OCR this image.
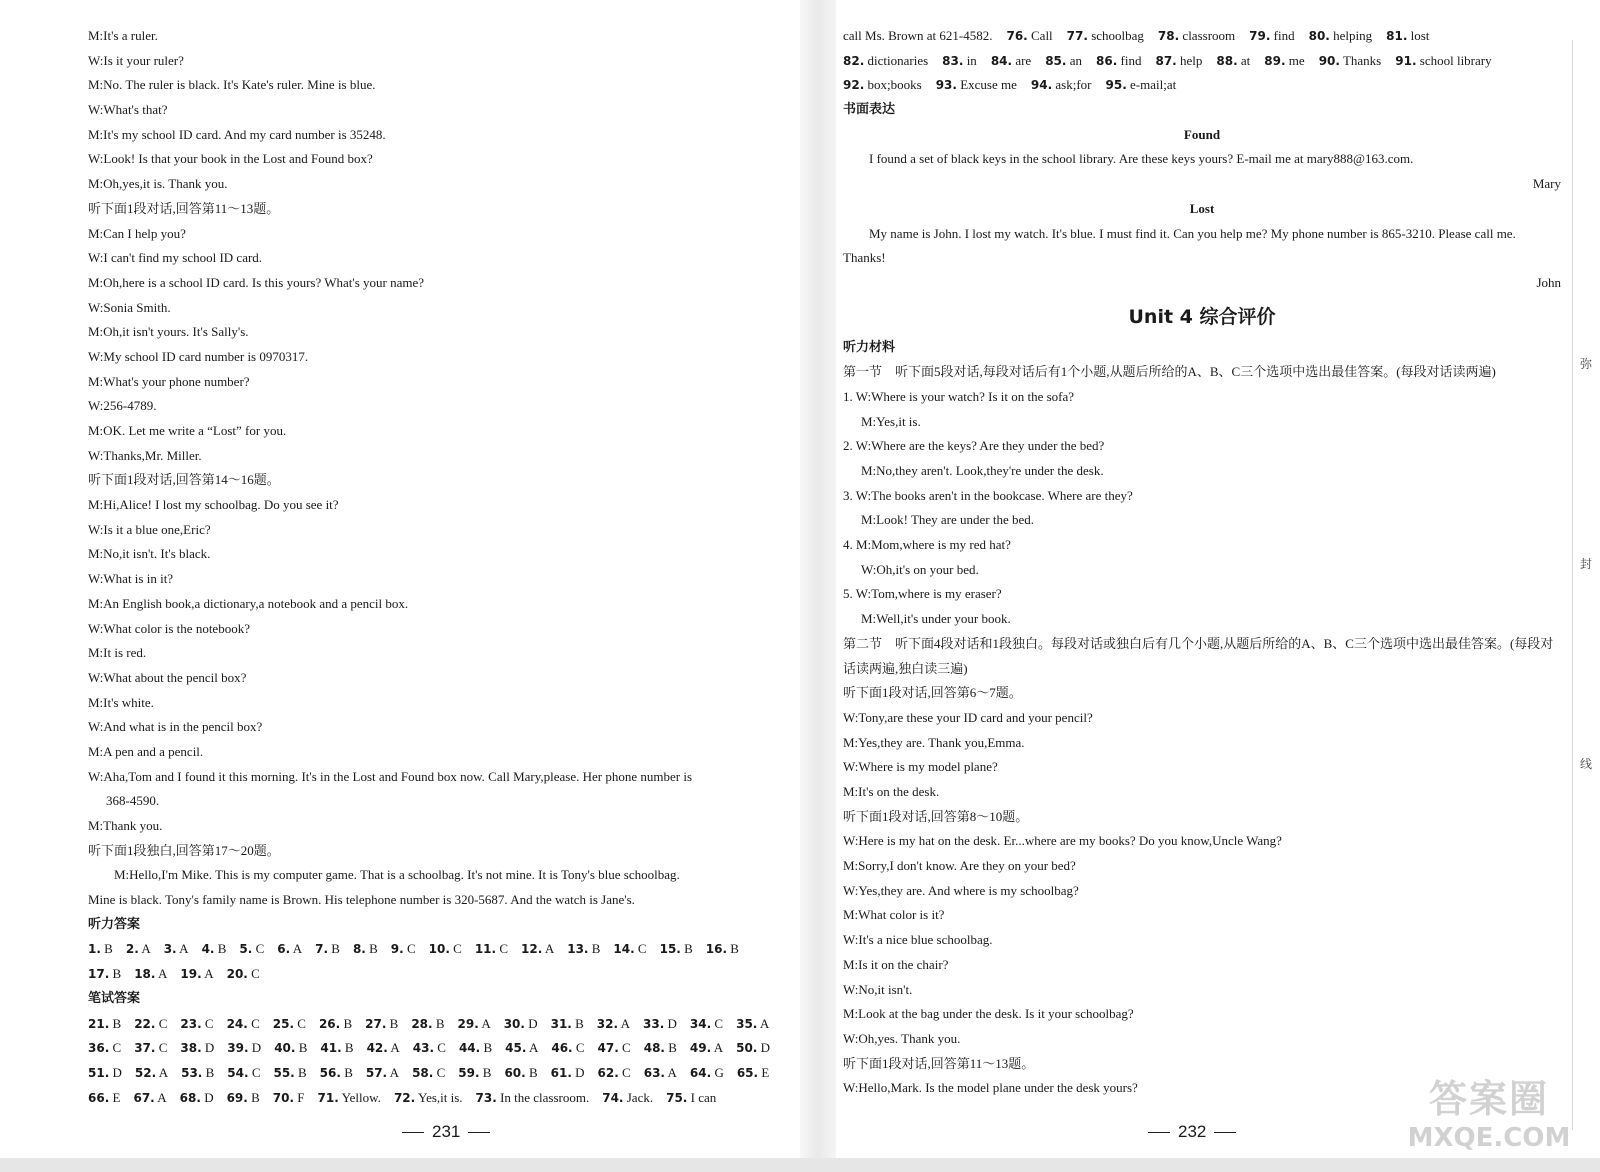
M:It's a ruler.
W:Is it your ruler?
M:No. The ruler is black. It's Kate's ruler. Mine is blue.
W:What's that?
M:It's my school ID card. And my card number is 35248.
W:Look! Is that your book in the Lost and Found box?
M:Oh,yes,it is. Thank you.
听下面1段对话,回答第11～13题。
M:Can I help you?
W:I can't find my school ID card.
M:Oh,here is a school ID card. Is this yours? What's your name?
W:Sonia Smith.
M:Oh,it isn't yours. It's Sally's.
W:My school ID card number is 0970317.
M:What's your phone number?
W:256-4789.
M:OK. Let me write a “Lost” for you.
W:Thanks,Mr. Miller.
听下面1段对话,回答第14～16题。
M:Hi,Alice! I lost my schoolbag. Do you see it?
W:Is it a blue one,Eric?
M:No,it isn't. It's black.
W:What is in it?
M:An English book,a dictionary,a notebook and a pencil box.
W:What color is the notebook?
M:It is red.
W:What about the pencil box?
M:It's white.
W:And what is in the pencil box?
M:A pen and a pencil.
W:Aha,Tom and I found it this morning. It's in the Lost and Found box now. Call Mary,please. Her phone number is
368-4590.
M:Thank you.
听下面1段独白,回答第17～20题。
M:Hello,I'm Mike. This is my computer game. That is a schoolbag. It's not mine. It is Tony's blue schoolbag.
Mine is black. Tony's family name is Brown. His telephone number is 320-5687. And the watch is Jane's.
听力答案
1. B 2. A 3. A 4. B 5. C 6. A 7. B 8. B 9. C 10. C 11. C 12. A 13. B 14. C 15. B 16. B
17. B 18. A 19. A 20. C
笔试答案
21. B 22. C 23. C 24. C 25. C 26. B 27. B 28. B 29. A 30. D 31. B 32. A 33. D 34. C 35. A
36. C 37. C 38. D 39. D 40. B 41. B 42. A 43. C 44. B 45. A 46. C 47. C 48. B 49. A 50. D
51. D 52. A 53. B 54. C 55. B 56. B 57. A 58. C 59. B 60. B 61. D 62. C 63. A 64. G 65. E
66. E 67. A 68. D 69. B 70. F 71. Yellow. 72. Yes,it is. 73. In the classroom. 74. Jack. 75. I can
231
call Ms. Brown at 621-4582. 76. Call 77. schoolbag 78. classroom 79. find 80. helping 81. lost
82. dictionaries 83. in 84. are 85. an 86. find 87. help 88. at 89. me 90. Thanks 91. school library
92. box;books 93. Excuse me 94. ask;for 95. e-mail;at
书面表达
Found
I found a set of black keys in the school library. Are these keys yours? E-mail me at mary888@163.com.
Mary
Lost
My name is John. I lost my watch. It's blue. I must find it. Can you help me? My phone number is 865-3210. Please call me. Thanks!
John
Unit 4 综合评价
听力材料
第一节　听下面5段对话,每段对话后有1个小题,从题后所给的A、B、C三个选项中选出最佳答案。(每段对话读两遍)
1. W:Where is your watch? Is it on the sofa?
M:Yes,it is.
2. W:Where are the keys? Are they under the bed?
M:No,they aren't. Look,they're under the desk.
3. W:The books aren't in the bookcase. Where are they?
M:Look! They are under the bed.
4. M:Mom,where is my red hat?
W:Oh,it's on your bed.
5. W:Tom,where is my eraser?
M:Well,it's under your book.
第二节　听下面4段对话和1段独白。每段对话或独白后有几个小题,从题后所给的A、B、C三个选项中选出最佳答案。(每段对话读两遍,独白读三遍)
听下面1段对话,回答第6～7题。
W:Tony,are these your ID card and your pencil?
M:Yes,they are. Thank you,Emma.
W:Where is my model plane?
M:It's on the desk.
听下面1段对话,回答第8～10题。
W:Here is my hat on the desk. Er...where are my books? Do you know,Uncle Wang?
M:Sorry,I don't know. Are they on your bed?
W:Yes,they are. And where is my schoolbag?
M:What color is it?
W:It's a nice blue schoolbag.
M:Is it on the chair?
W:No,it isn't.
M:Look at the bag under the desk. Is it your schoolbag?
W:Oh,yes. Thank you.
听下面1段对话,回答第11～13题。
W:Hello,Mark. Is the model plane under the desk yours?
232
弥
封
线
答案圈
MXQE.COM
